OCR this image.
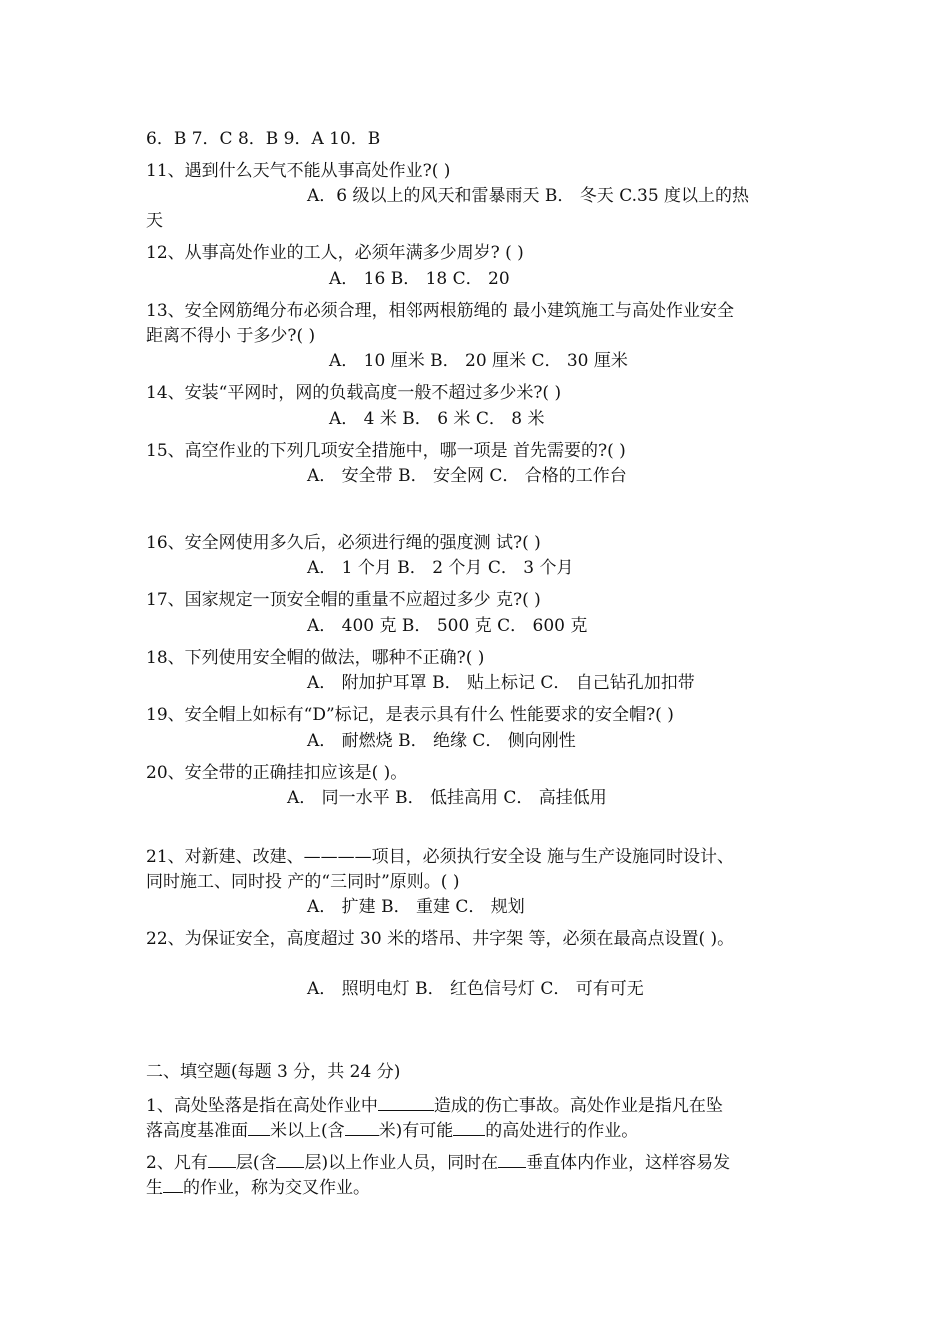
6．B 7．C 8．B 9．A 10．B
11、遇到什么天气不能从事高处作业?( )
A．6 级以上的风天和雷暴雨天 B． 冬天 C.35 度以上的热
天
12、从事高处作业的工人，必须年满多少周岁? ( )
A． 16 B． 18 C． 20
13、安全网筋绳分布必须合理，相邻两根筋绳的 最小建筑施工与高处作业安全
距离不得小 于多少?( )
A． 10 厘米 B． 20 厘米 C． 30 厘米
14、安装“平网时，网的负载高度一般不超过多少米?( )
A． 4 米 B． 6 米 C． 8 米
15、高空作业的下列几项安全措施中，哪一项是 首先需要的?( )
A． 安全带 B． 安全网 C． 合格的工作台
16、安全网使用多久后，必须进行绳的强度测 试?( )
A． 1 个月 B． 2 个月 C． 3 个月
17、国家规定一顶安全帽的重量不应超过多少 克?( )
A． 400 克 B． 500 克 C． 600 克
18、下列使用安全帽的做法，哪种不正确?( )
A． 附加护耳罩 B． 贴上标记 C． 自己钻孔加扣带
19、安全帽上如标有“D”标记，是表示具有什么 性能要求的安全帽?( )
A． 耐燃烧 B． 绝缘 C． 侧向刚性
20、安全带的正确挂扣应该是( )。
A． 同一水平 B． 低挂高用 C． 高挂低用
21、对新建、改建、————项目，必须执行安全设 施与生产设施同时设计、
同时施工、同时投 产的“三同时”原则。( )
A． 扩建 B． 重建 C． 规划
22、为保证安全，高度超过 30 米的塔吊、井字架 等，必须在最高点设置( )。
A． 照明电灯 B． 红色信号灯 C． 可有可无
二、填空题(每题 3 分，共 24 分)
1、高处坠落是指在高处作业中	造成的伤亡事故。高处作业是指凡在坠
落高度基准面 米以上(含 米)有可能 的高处进行的作业。
2、凡有 层(含 层)以上作业人员，同时在 垂直体内作业，这样容易发
生 的作业，称为交叉作业。
